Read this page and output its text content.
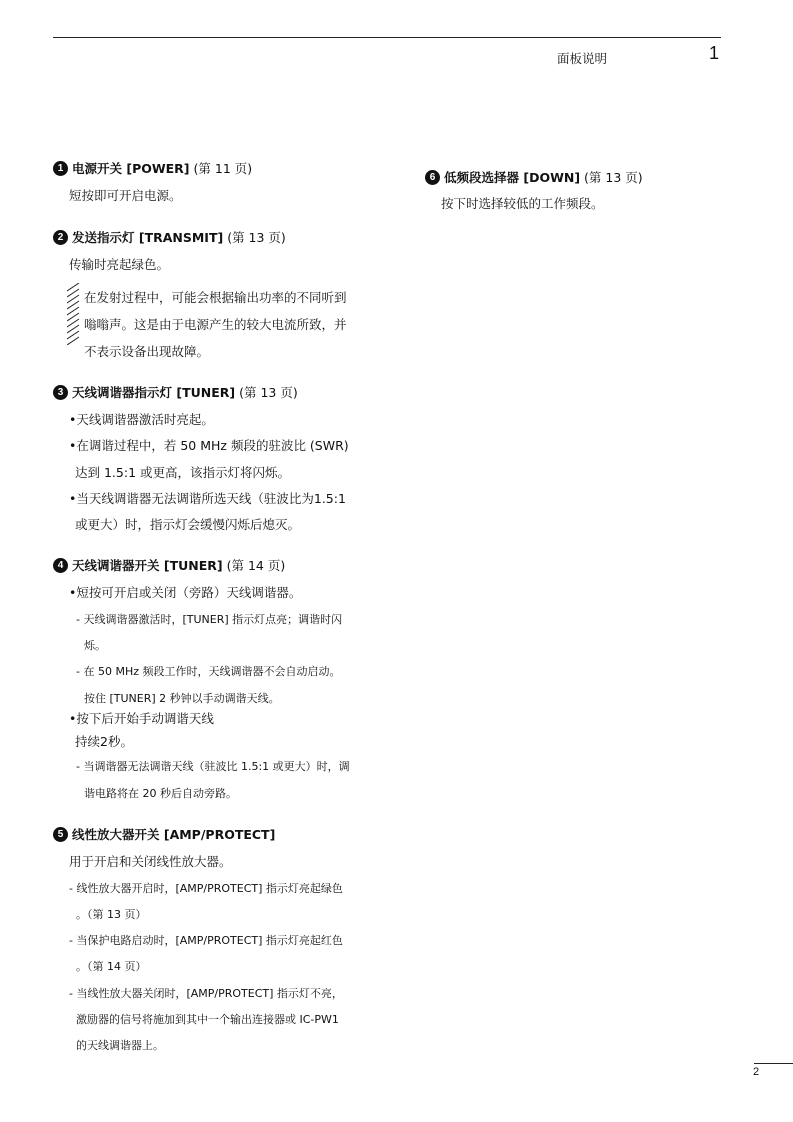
面板说明	1
1 电源开关 [POWER] (第 11 页)
短按即可开启电源。
2 发送指示灯 [TRANSMIT] (第 13 页)
传输时亮起绿色。
在发射过程中，可能会根据输出功率的不同听到
嗡嗡声。这是由于电源产生的较大电流所致，并
不表示设备出现故障。
3 天线调谐器指示灯 [TUNER] (第 13 页)
•天线调谐器激活时亮起。
•在调谐过程中，若 50 MHz 频段的驻波比 (SWR)
达到 1.5:1 或更高，该指示灯将闪烁。
•当天线调谐器无法调谐所选天线（驻波比为1.5:1
或更大）时，指示灯会缓慢闪烁后熄灭。
4 天线调谐器开关 [TUNER] (第 14 页)
•短按可开启或关闭（旁路）天线调谐器。
- 天线调谐器激活时，[TUNER] 指示灯点亮；调谐时闪
烁。
- 在 50 MHz 频段工作时，天线调谐器不会自动启动。
按住 [TUNER] 2 秒钟以手动调谐天线。
•按下后开始手动调谐天线
持续2秒。
- 当调谐器无法调谐天线（驻波比 1.5:1 或更大）时，调
谐电路将在 20 秒后自动旁路。
5 线性放大器开关 [AMP/PROTECT]
用于开启和关闭线性放大器。
- 线性放大器开启时，[AMP/PROTECT] 指示灯亮起绿色
。（第 13 页）
- 当保护电路启动时，[AMP/PROTECT] 指示灯亮起红色
。（第 14 页）
- 当线性放大器关闭时，[AMP/PROTECT] 指示灯不亮，
激励器的信号将施加到其中一个输出连接器或 IC-PW1
的天线调谐器上。
6 低频段选择器 [DOWN] (第 13 页)
按下时选择较低的工作频段。
2
